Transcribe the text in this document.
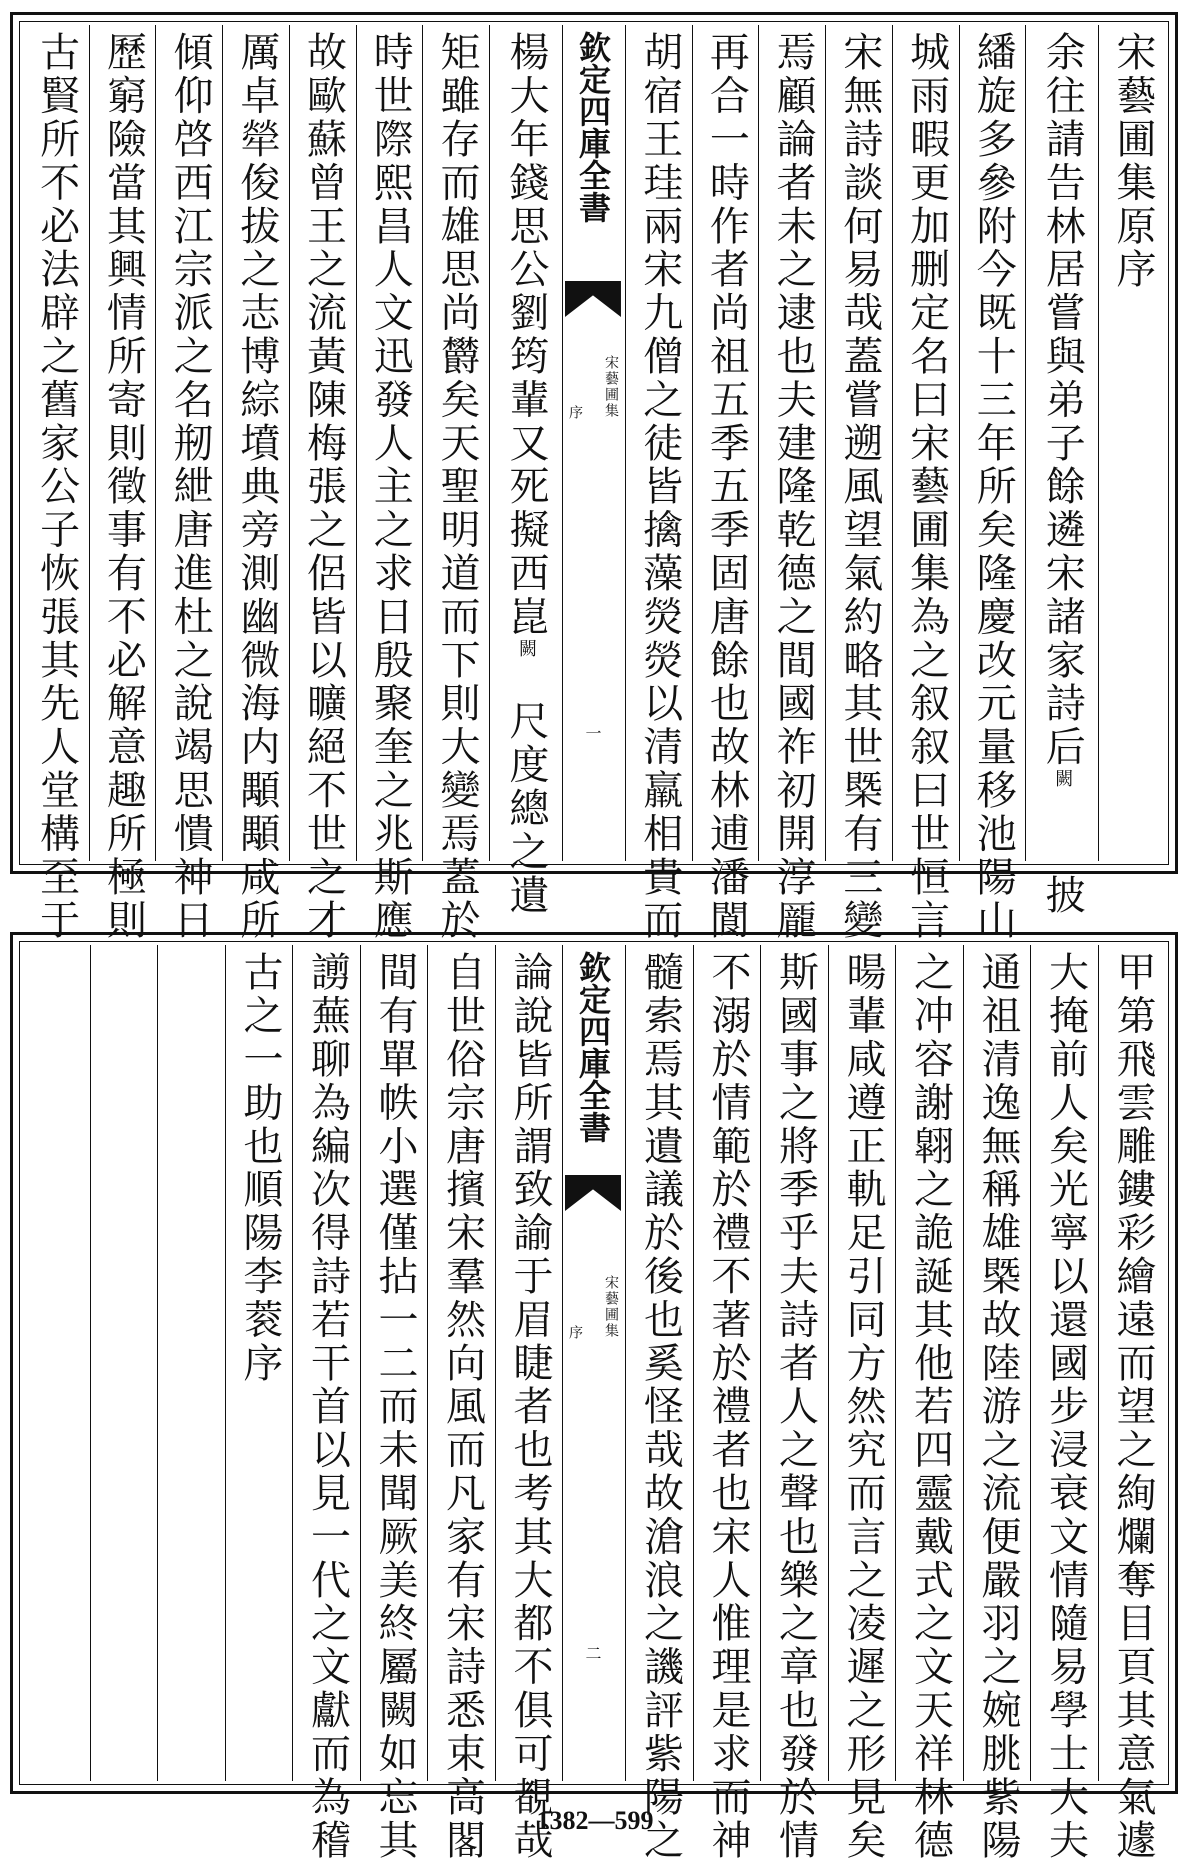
宋藝圃集原序
余往請告林居嘗與弟子餘遴宋諸家詩后闕　　披
繙旋多參附今既十三年所矣隆慶改元量移池陽山
城雨暇更加删定名曰宋藝圃集為之叙叙曰世恒言
宋無詩談何易哉蓋嘗遡風望氣約略其世槩有三變
焉顧論者未之逮也夫建隆乾德之間國祚初開淳龎
再合一時作者尚祖五季五季固唐餘也故林逋潘閬
胡宿王珪兩宋九僧之徒皆擒藻熒熒以清羸相貴而
欽定四庫全書
宋藝圃集
序
一
楊大年錢思公劉筠輩又死擬西崑闕　尺度總之遺
矩雖存而雄思尚欝矣天聖明道而下則大變焉蓋於
時世際熙昌人文迅發人主之求日殷聚奎之兆斯應
故歐蘇曾王之流黃陳梅張之侶皆以曠絕不世之才
厲卓犖俊拔之志博綜墳典旁測幽微海内顒顒咸所
傾仰啓西江宗派之名剏紲唐進杜之說竭思憒神日
歷窮險當其興情所寄則徵事有不必解意趣所極則
古賢所不必法辟之舊家公子恢張其先人堂構至于
甲第飛雲雕鏤彩繪遠而望之絢爛奪目頁其意氣遽
大掩前人矣光寧以還國步浸衰文情隨易學士大夫
通祖清逸無稱雄槩故陸游之流便嚴羽之婉朓紫陽
之冲容謝翶之詭誕其他若四靈戴式之文天祥林德
暘輩咸遵正軌足引同方然究而言之凌遲之形見矣
斯國事之將季乎夫詩者人之聲也樂之章也發於情
不溺於情範於禮不著於禮者也宋人惟理是求而神
髓索焉其遺議於後也奚怪哉故滄浪之譏評紫陽之
欽定四庫全書
宋藝圃集
序
二
論說皆所謂致諭于眉睫者也考其大都不俱可覩哉
自世俗宗唐擯宋羣然向風而凡家有宋詩悉束高閣
間有單帙小選僅拈一二而未聞厥美終屬闕如忘其
謭蕪聊為編次得詩若干首以見一代之文獻而為稽
古之一助也順陽李蓘序
1382—599
